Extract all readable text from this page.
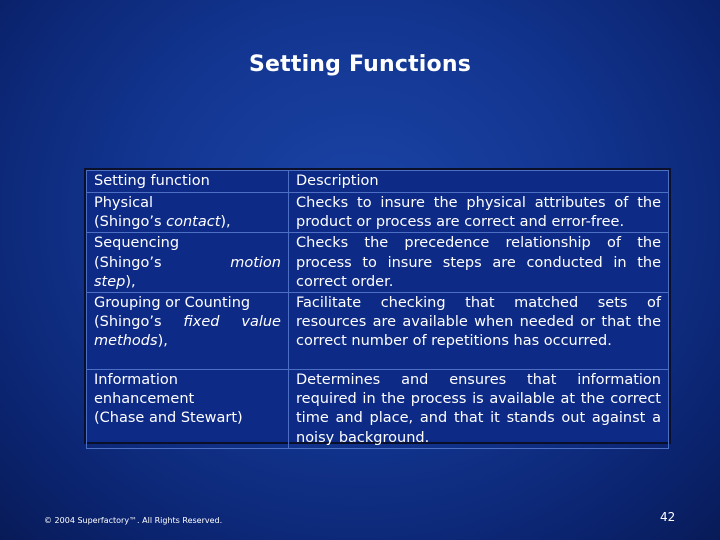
Setting Functions
Setting function	Description

Physical
(Shingo’s contact),	Checks to insure the physical attributes of the product or process are correct and error-free.

Sequencing
(Shingo’s motion
step),	Checks the precedence relationship of the process to insure steps are conducted in the correct order.

Grouping or Counting
(Shingo’s fixed value
methods),	Facilitate checking that matched sets of resources are available when needed or that the correct number of repetitions has occurred.

Information
enhancement
(Chase and Stewart)	Determines and ensures that information required in the process is available at the correct time and place, and that it stands out against a noisy background.
© 2004 Superfactory™. All Rights Reserved.	42
